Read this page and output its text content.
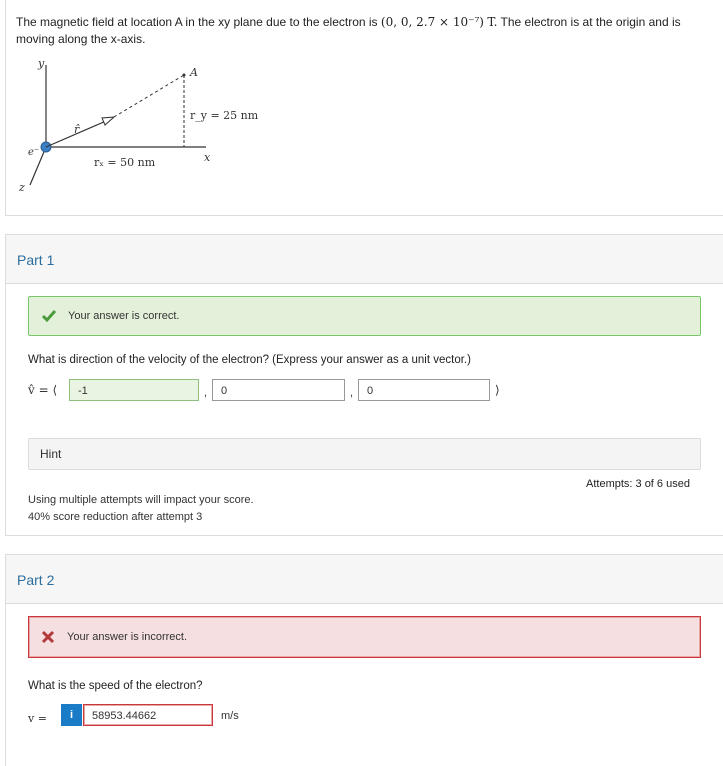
The magnetic field at location A in the xy plane due to the electron is (0, 0, 2.7 × 10⁻⁷) T. The electron is at the origin and is moving along the x-axis.
x
y
z
e⁻
A
r̂
rₓ = 50 nm
r_y = 25 nm
Part 1
Your answer is correct.
What is direction of the velocity of the electron? (Express your answer as a unit vector.)
v̂ = ⟨	-1	,	0	,	0	⟩
Hint
Attempts: 3 of 6 used
Using multiple attempts will impact your score.
40% score reduction after attempt 3
Part 2
Your answer is incorrect.
What is the speed of the electron?
v =	i	58953.44662	m/s
